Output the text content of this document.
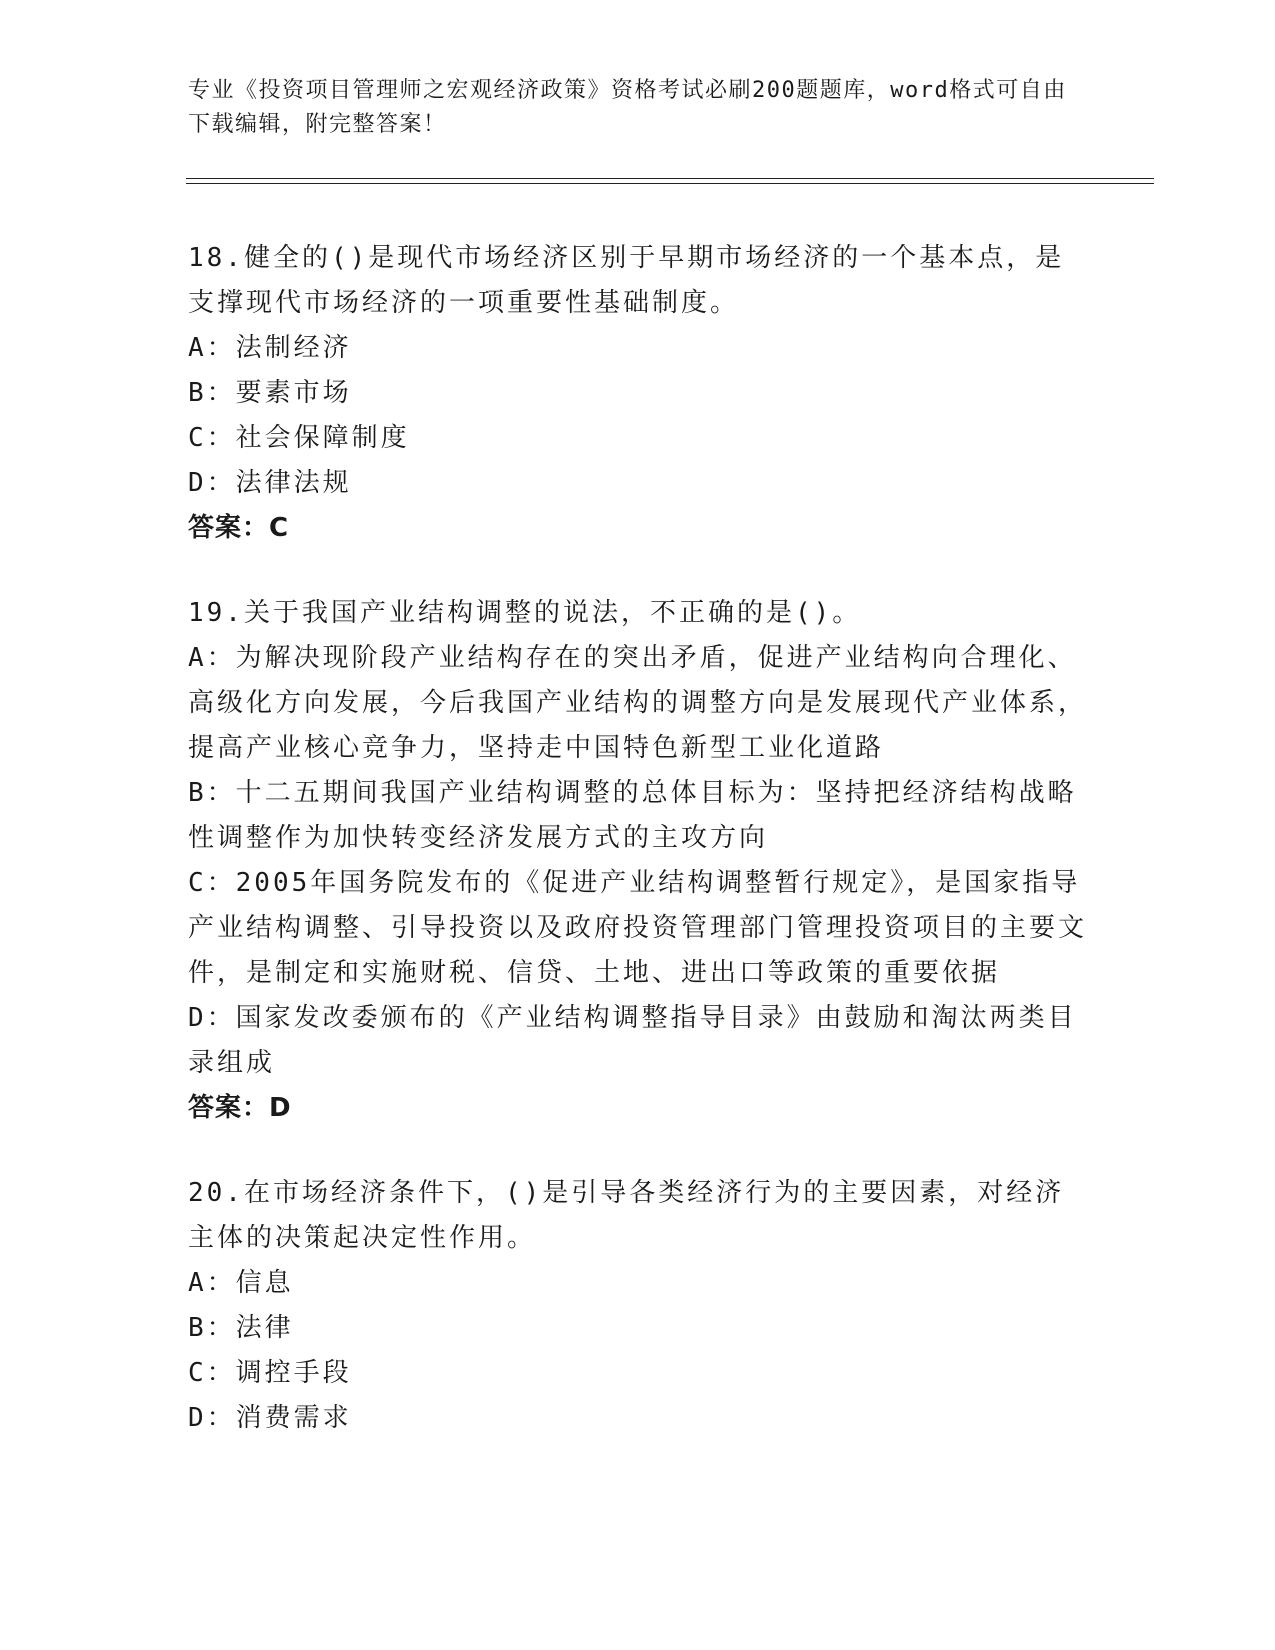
专业《投资项目管理师之宏观经济政策》资格考试必刷200题题库，word格式可自由下载编辑，附完整答案！

18.健全的()是现代市场经济区别于早期市场经济的一个基本点，是支撑现代市场经济的一项重要性基础制度。

A：法制经济

B：要素市场

C：社会保障制度

D：法律法规

答案：C

19.关于我国产业结构调整的说法，不正确的是()。

A：为解决现阶段产业结构存在的突出矛盾，促进产业结构向合理化、高级化方向发展，今后我国产业结构的调整方向是发展现代产业体系，提高产业核心竞争力，坚持走中国特色新型工业化道路

B：十二五期间我国产业结构调整的总体目标为：坚持把经济结构战略性调整作为加快转变经济发展方式的主攻方向

C：2005年国务院发布的《促进产业结构调整暂行规定》，是国家指导产业结构调整、引导投资以及政府投资管理部门管理投资项目的主要文件，是制定和实施财税、信贷、土地、进出口等政策的重要依据

D：国家发改委颁布的《产业结构调整指导目录》由鼓励和淘汰两类目录组成

答案：D

20.在市场经济条件下，()是引导各类经济行为的主要因素，对经济主体的决策起决定性作用。

A：信息

B：法律

C：调控手段

D：消费需求
